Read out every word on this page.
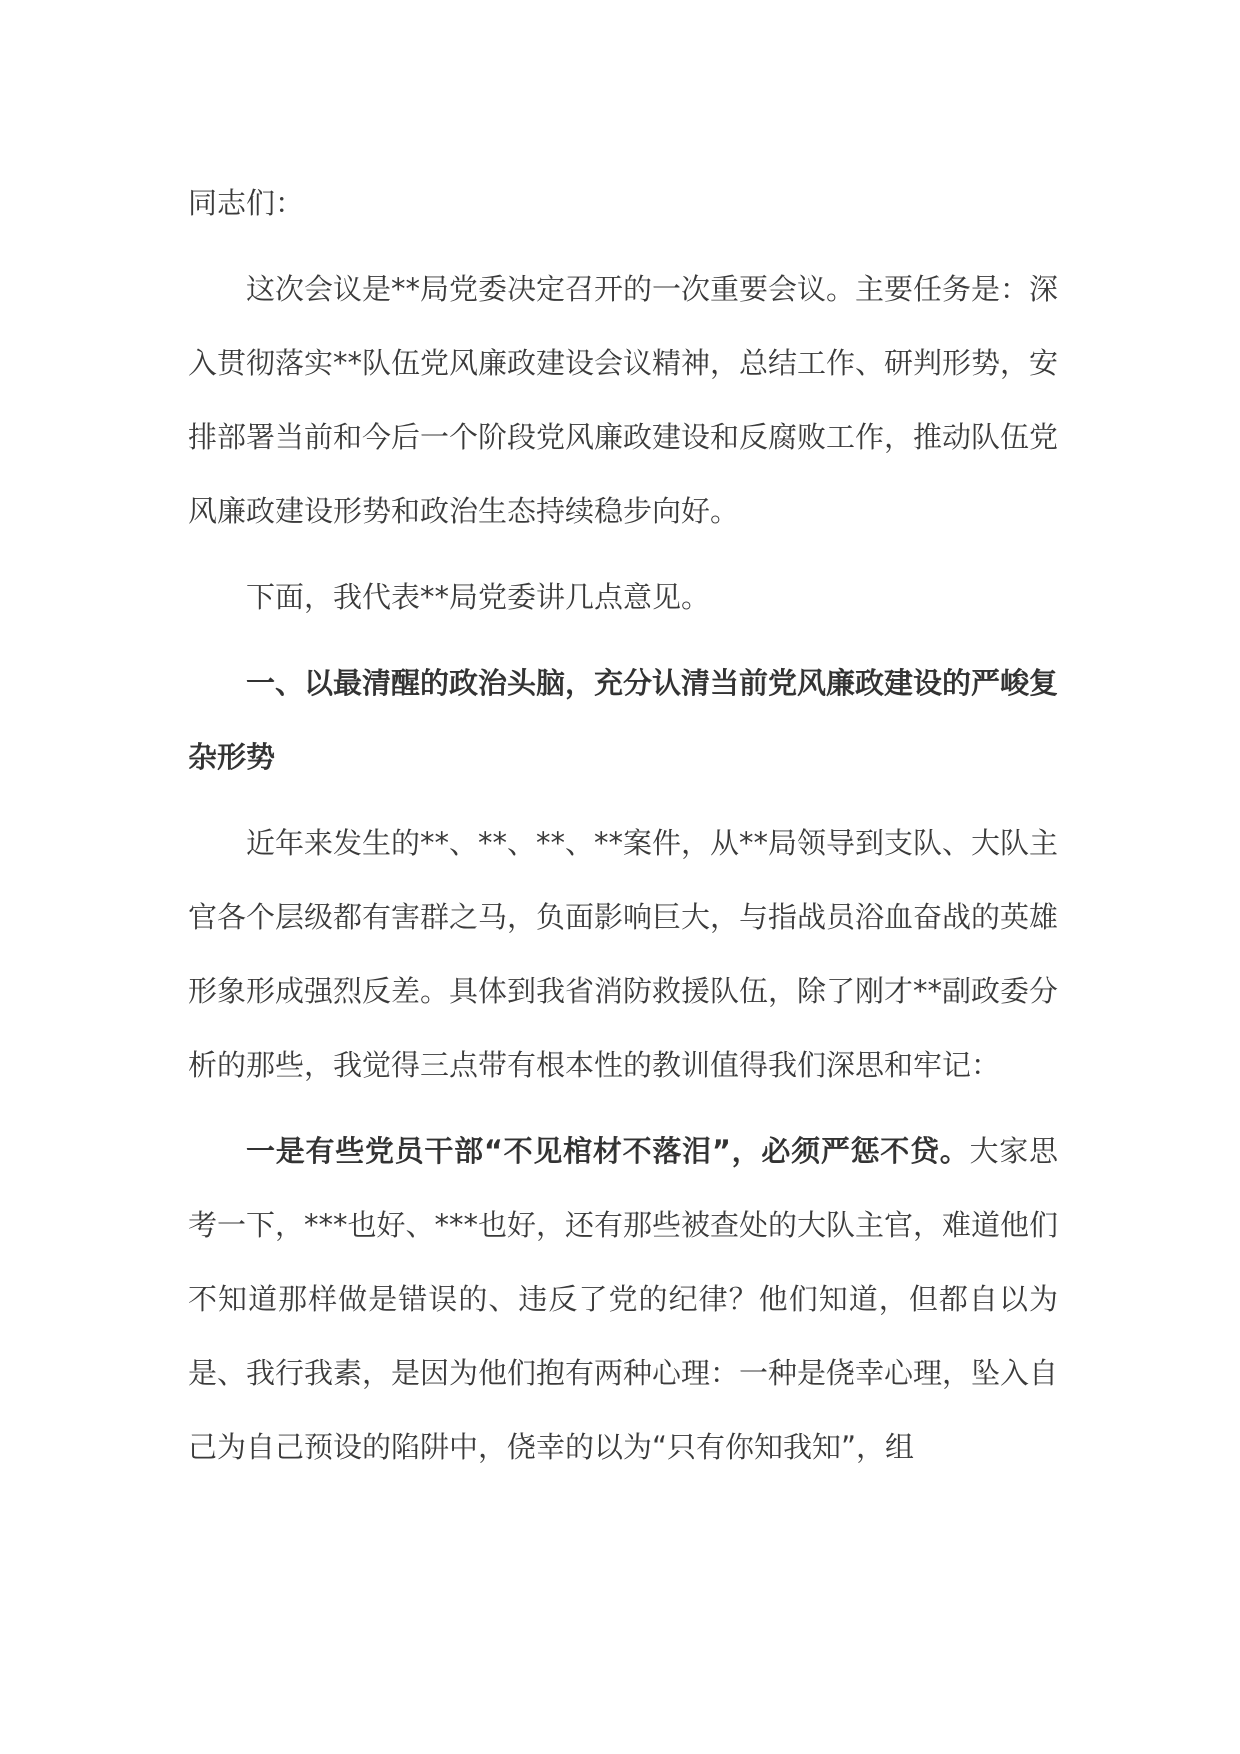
同志们：

这次会议是**局党委决定召开的一次重要会议。主要任务是：深入贯彻落实**队伍党风廉政建设会议精神，总结工作、研判形势，安排部署当前和今后一个阶段党风廉政建设和反腐败工作，推动队伍党风廉政建设形势和政治生态持续稳步向好。

下面，我代表**局党委讲几点意见。

一、以最清醒的政治头脑，充分认清当前党风廉政建设的严峻复杂形势

近年来发生的**、**、**、**案件，从**局领导到支队、大队主官各个层级都有害群之马，负面影响巨大，与指战员浴血奋战的英雄形象形成强烈反差。具体到我省消防救援队伍，除了刚才**副政委分析的那些，我觉得三点带有根本性的教训值得我们深思和牢记：

一是有些党员干部“不见棺材不落泪”，必须严惩不贷。大家思考一下，***也好、***也好，还有那些被查处的大队主官，难道他们不知道那样做是错误的、违反了党的纪律？他们知道，但都自以为是、我行我素，是因为他们抱有两种心理：一种是侥幸心理，坠入自己为自己预设的陷阱中，侥幸的以为“只有你知我知”，组
